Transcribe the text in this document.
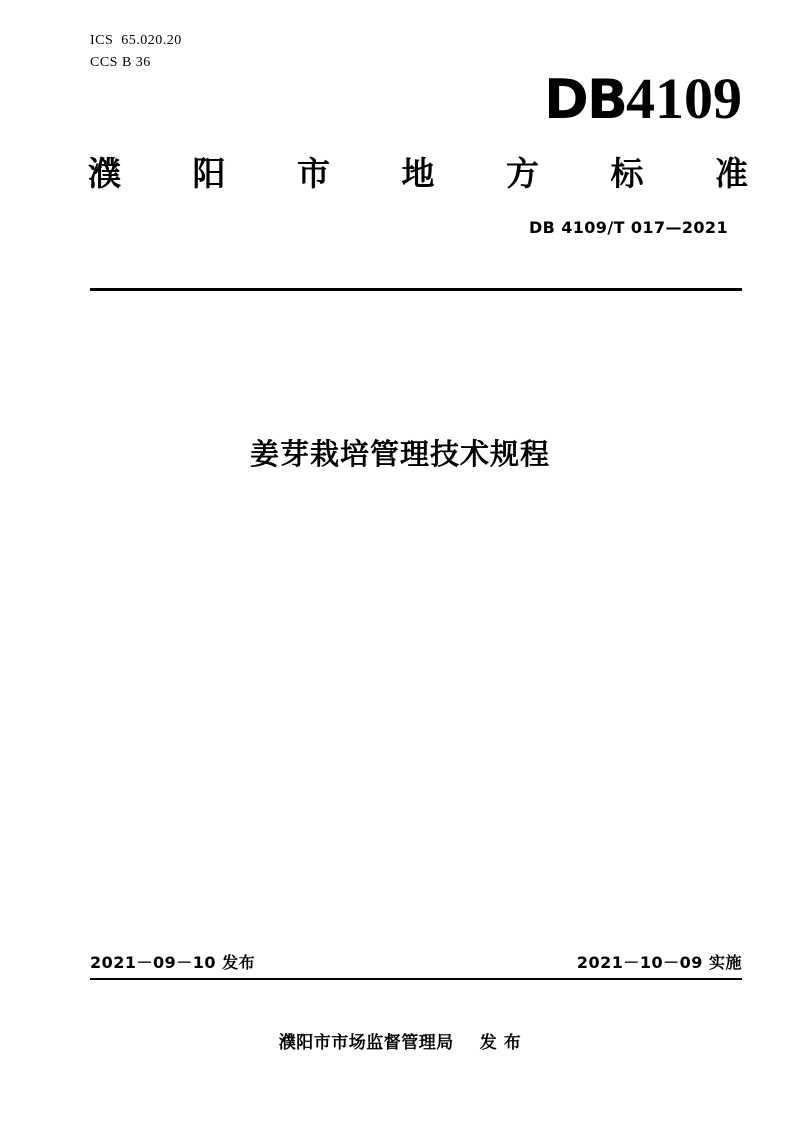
ICS  65.020.20
CCS B 36
DB4109
濮 阳 市 地 方 标 准
DB 4109/T 017—2021
姜芽栽培管理技术规程
2021－09－10 发布	2021－10－09 实施
濮阳市市场监督管理局 发 布
